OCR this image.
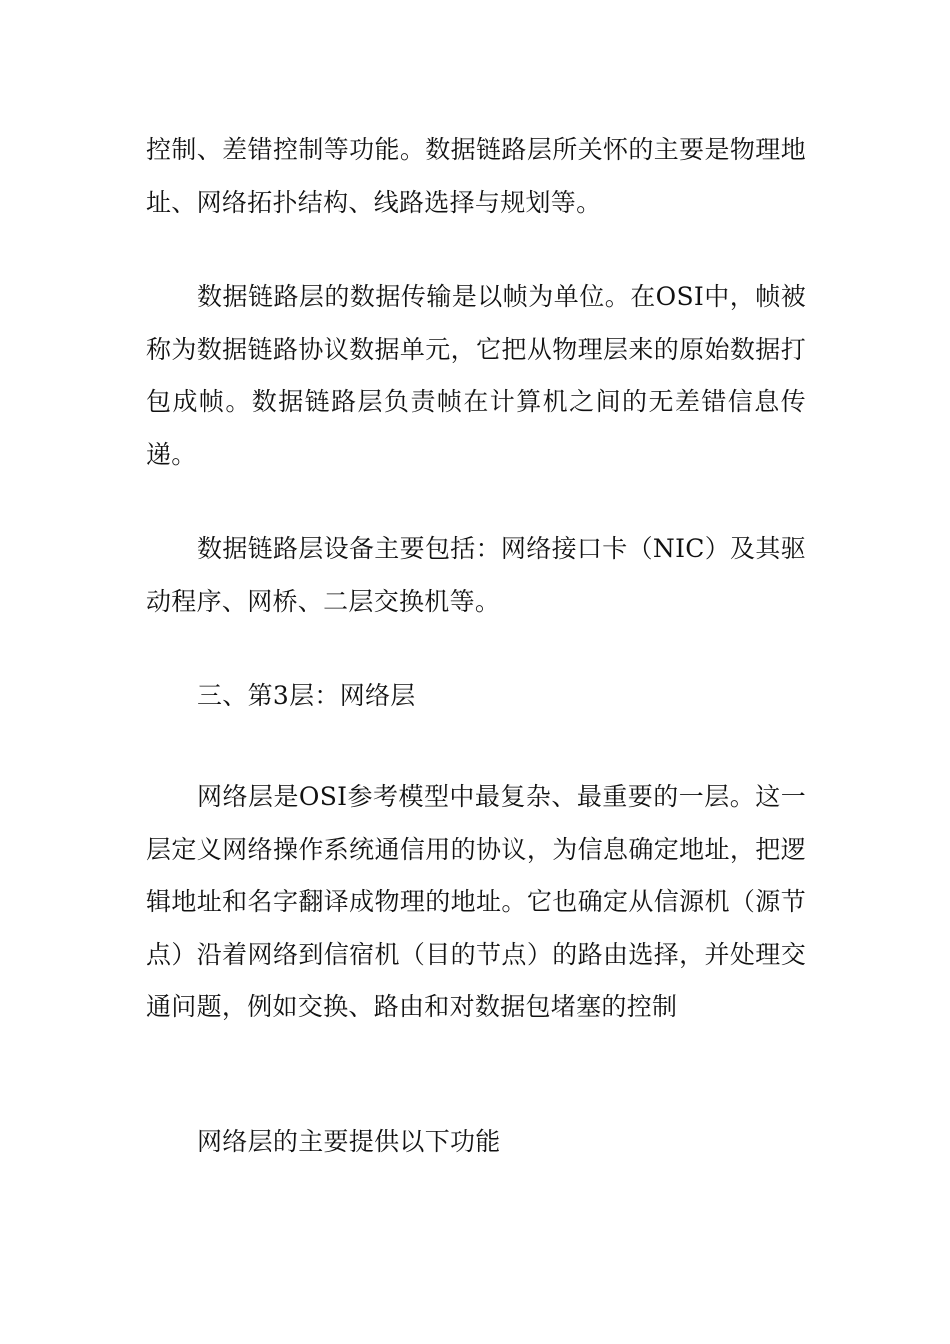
控制、差错控制等功能。数据链路层所关怀的主要是物理地址、网络拓扑结构、线路选择与规划等。

数据链路层的数据传输是以帧为单位。在OSI中，帧被称为数据链路协议数据单元，它把从物理层来的原始数据打包成帧。数据链路层负责帧在计算机之间的无差错信息传递。

数据链路层设备主要包括：网络接口卡（NIC）及其驱动程序、网桥、二层交换机等。

三、第3层：网络层

网络层是OSI参考模型中最复杂、最重要的一层。这一层定义网络操作系统通信用的协议，为信息确定地址，把逻辑地址和名字翻译成物理的地址。它也确定从信源机（源节点）沿着网络到信宿机（目的节点）的路由选择，并处理交通问题，例如交换、路由和对数据包堵塞的控制

网络层的主要提供以下功能
